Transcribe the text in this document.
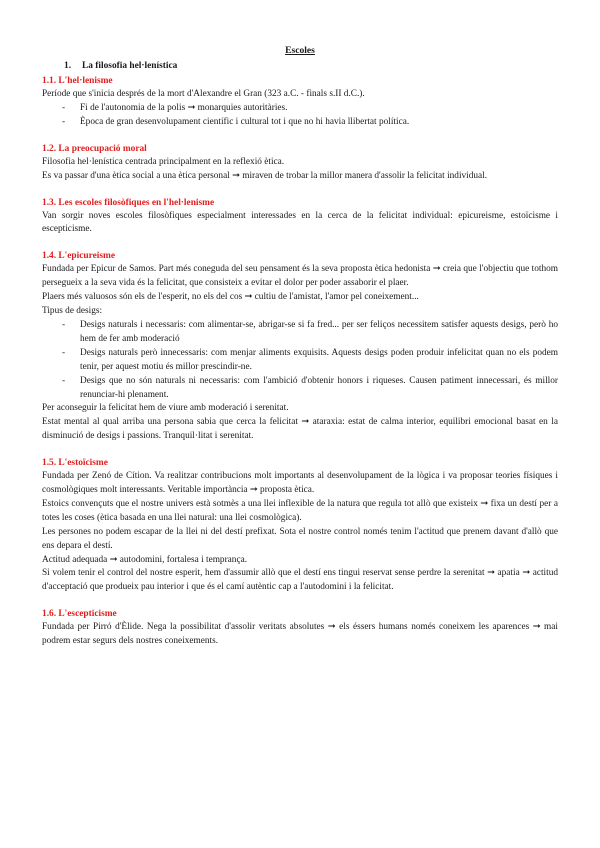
Escoles
1. La filosofia hel·lenística
1.1. L'hel·lenisme

Període que s'inicia després de la mort d'Alexandre el Gran (323 a.C. - finals s.II d.C.).

- Fi de l'autonomia de la polis ➞ monarquies autoritàries.
- Època de gran desenvolupament científic i cultural tot i que no hi havia llibertat política.
1.2. La preocupació moral

Filosofia hel·lenística centrada principalment en la reflexió ètica.

Es va passar d'una ètica social a una ètica personal ➞ miraven de trobar la millor manera d'assolir la felicitat individual.

1.3. Les escoles filosòfiques en l'hel·lenisme

Van sorgir noves escoles filosòfiques especialment interessades en la cerca de la felicitat individual: epicureisme, estoïcisme i escepticisme.

1.4. L'epicureisme

Fundada per Epicur de Samos. Part més coneguda del seu pensament és la seva proposta ètica hedonista ➞ creia que l'objectiu que tothom persegueix a la seva vida és la felicitat, que consisteix a evitar el dolor per poder assaborir el plaer.

Plaers més valuosos són els de l'esperit, no els del cos ➞ cultiu de l'amistat, l'amor pel coneixement...

Tipus de desigs:

- Desigs naturals i necessaris: com alimentar-se, abrigar-se si fa fred... per ser feliços necessitem satisfer aquests desigs, però ho hem de fer amb moderació
- Desigs naturals però innecessaris: com menjar aliments exquisits. Aquests desigs poden produir infelicitat quan no els podem tenir, per aquest motiu és millor prescindir-ne.
- Desigs que no són naturals ni necessaris: com l'ambició d'obtenir honors i riqueses. Causen patiment innecessari, és millor renunciar-hi plenament.

Per aconseguir la felicitat hem de viure amb moderació i serenitat.

Estat mental al qual arriba una persona sabia que cerca la felicitat ➞ ataraxia: estat de calma interior, equilibri emocional basat en la disminució de desigs i passions. Tranquil·litat i serenitat.

1.5. L'estoïcisme

Fundada per Zenó de Cítion. Va realitzar contribucions molt importants al desenvolupament de la lògica i va proposar teories físiques i cosmològiques molt interessants. Veritable importància ➞ proposta ètica.

Estoics convençuts que el nostre univers està sotmès a una llei inflexible de la natura que regula tot allò que existeix ➞ fixa un destí per a totes les coses (ètica basada en una llei natural: una llei cosmològica).

Les persones no podem escapar de la llei ni del destí prefixat. Sota el nostre control només tenim l'actitud que prenem davant d'allò que ens depara el destí.

Actitud adequada ➞ autodomini, fortalesa i temprança.

Si volem tenir el control del nostre esperit, hem d'assumir allò que el destí ens tingui reservat sense perdre la serenitat ➞ apatia ➞ actitud d'acceptació que produeix pau interior i que és el camí autèntic cap a l'autodomini i la felicitat.

1.6. L'escepticisme

Fundada per Pirró d'Èlide. Nega la possibilitat d'assolir veritats absolutes ➞ els éssers humans només coneixem les aparences ➞ mai podrem estar segurs dels nostres coneixements.
